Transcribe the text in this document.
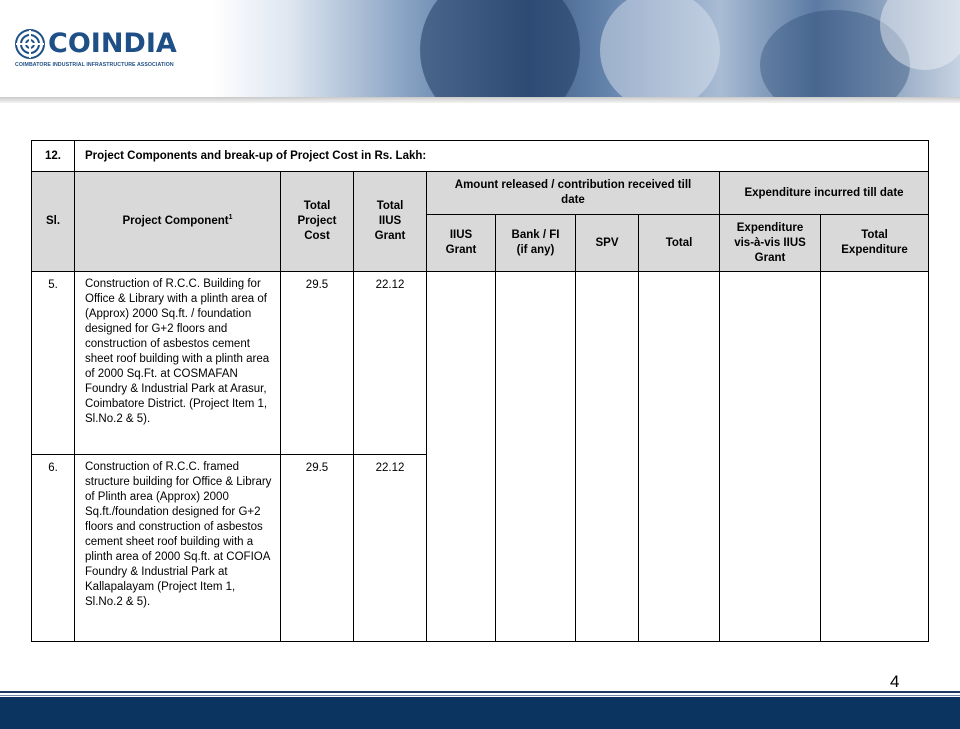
COINDIA
COIMBATORE INDUSTRIAL INFRASTRUCTURE ASSOCIATION
12.	Project Components and break-up of Project Cost in Rs. Lakh:								
Sl.	Project Component$^1$	Total Project Cost	Total IIUS Grant	Amount released / contribution received till date				Expenditure incurred till date	
				IIUS Grant	Bank / FI (if any)	SPV	Total	Expenditure vis-à-vis IIUS Grant	Total Expenditure
5.	Construction of R.C.C. Building for Office & Library with a plinth area of (Approx) 2000 Sq.ft. / foundation designed for G+2 floors and construction of asbestos cement sheet roof building with a plinth area of 2000 Sq.Ft. at COSMAFAN Foundry & Industrial Park at Arasur, Coimbatore District. (Project Item 1, Sl.No.2 & 5).	29.5	22.12						
6.	Construction of R.C.C. framed structure building for Office & Library of Plinth area (Approx) 2000 Sq.ft./foundation designed for G+2 floors and construction of asbestos cement sheet roof building with a plinth area of 2000 Sq.ft. at COFIOA Foundry & Industrial Park at Kallapalayam (Project Item 1, Sl.No.2 & 5).	29.5	22.12						
4
